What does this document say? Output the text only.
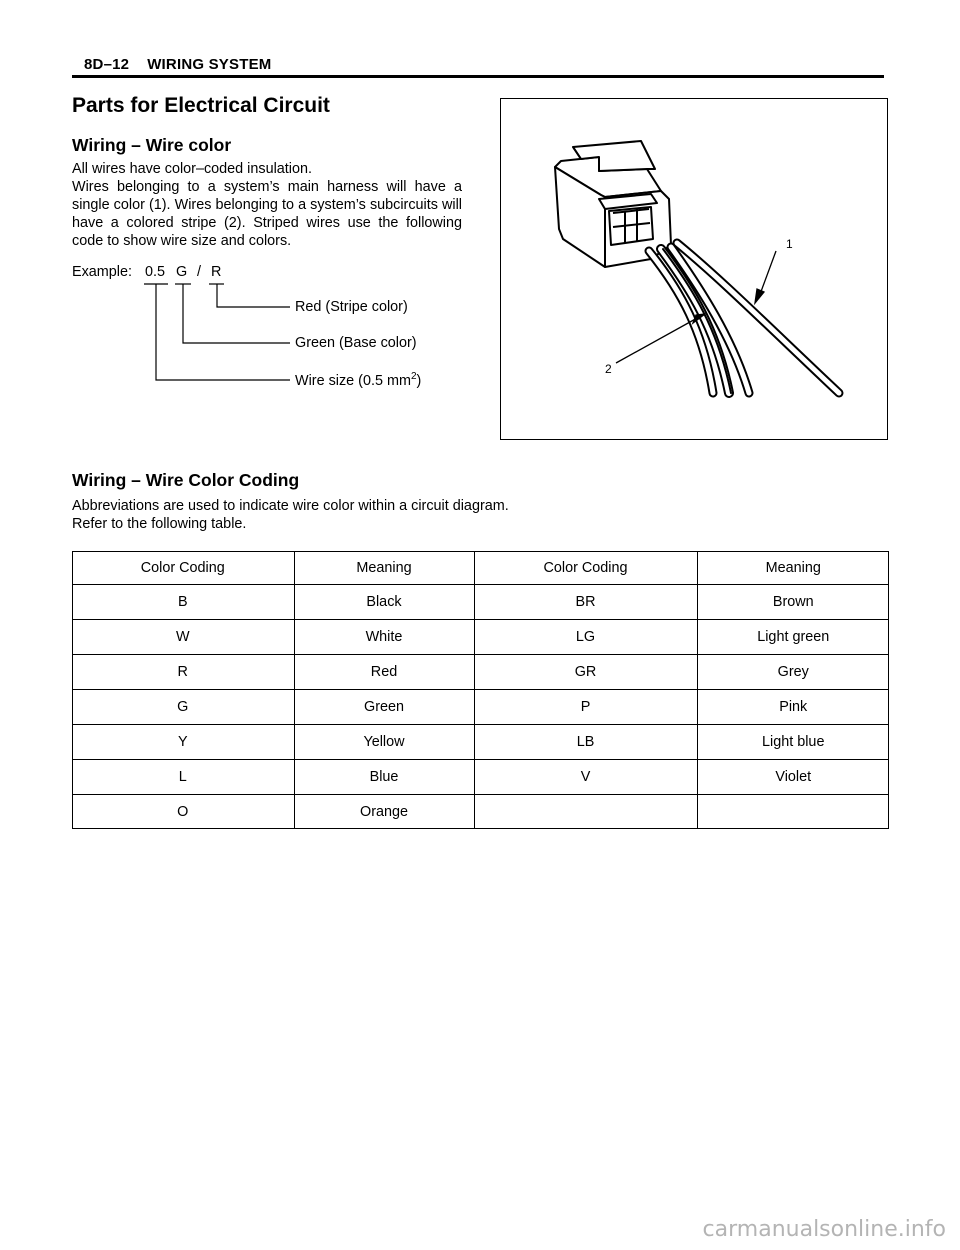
8D–12 WIRING SYSTEM
Parts for Electrical Circuit
Wiring – Wire color

All wires have color–coded insulation.

Wires belonging to a system’s main harness will have a single color (1). Wires belonging to a system’s subcircuits will have a colored stripe (2). Striped wires use the following code to show wire size and colors.

Example: 0.5 G / R
Red (Stripe color)
Green (Base color)
Wire size (0.5 $mm^2$)
1
2
Wiring – Wire Color Coding
Abbreviations are used to indicate wire color within a circuit diagram.
Refer to the following table.
Color Coding	Meaning	Color Coding	Meaning
B	Black	BR	Brown
W	White	LG	Light green
R	Red	GR	Grey
G	Green	P	Pink
Y	Yellow	LB	Light blue
L	Blue	V	Violet
O	Orange		
carmanualsonline.info
